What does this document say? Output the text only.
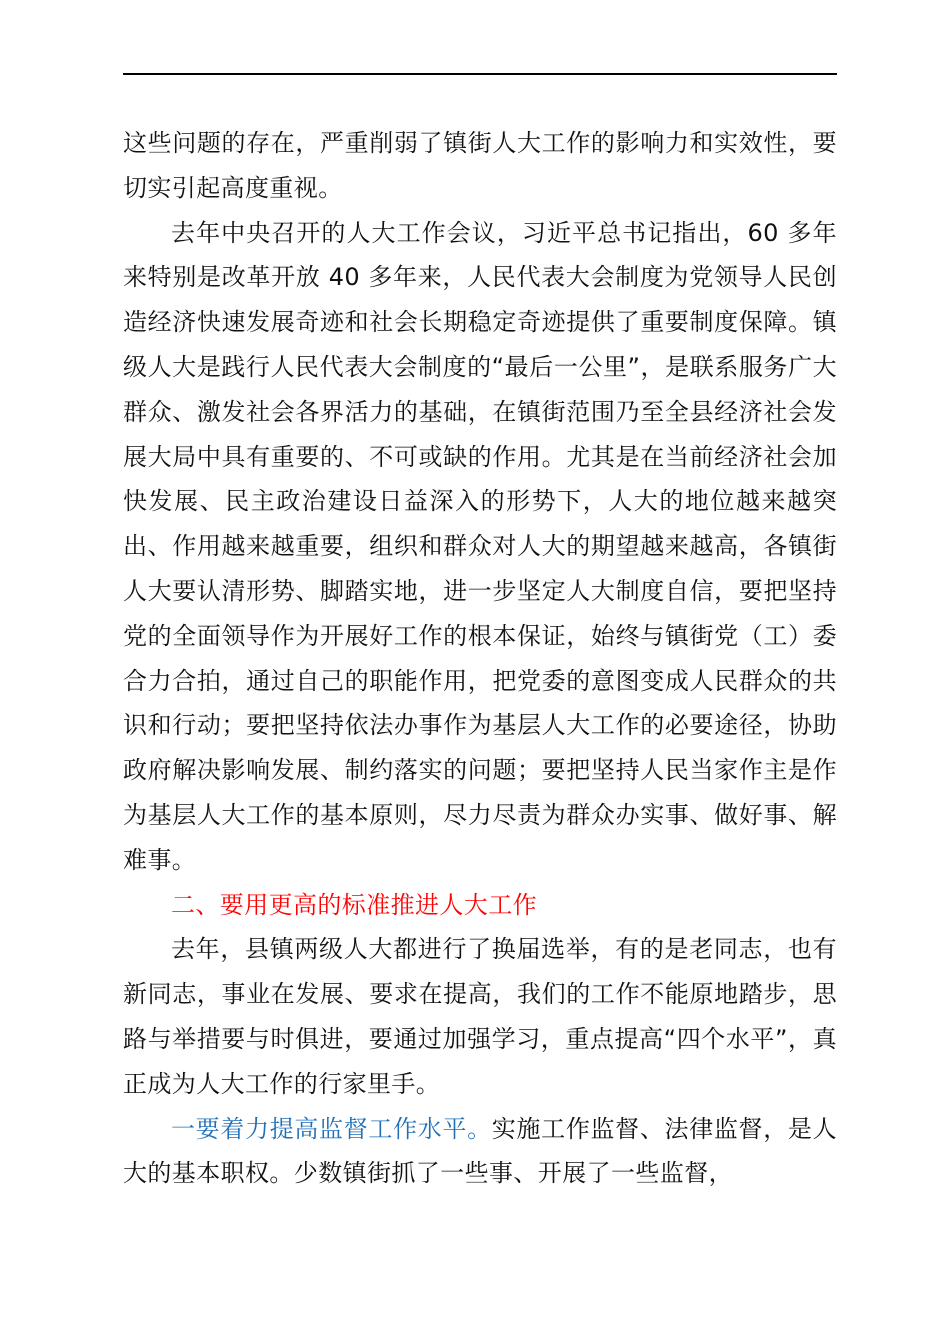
这些问题的存在，严重削弱了镇街人大工作的影响力和实效性，要切实引起高度重视。

去年中央召开的人大工作会议，习近平总书记指出，60 多年来特别是改革开放 40 多年来，人民代表大会制度为党领导人民创造经济快速发展奇迹和社会长期稳定奇迹提供了重要制度保障。镇级人大是践行人民代表大会制度的“最后一公里”，是联系服务广大群众、激发社会各界活力的基础，在镇街范围乃至全县经济社会发展大局中具有重要的、不可或缺的作用。尤其是在当前经济社会加快发展、民主政治建设日益深入的形势下，人大的地位越来越突出、作用越来越重要，组织和群众对人大的期望越来越高，各镇街人大要认清形势、脚踏实地，进一步坚定人大制度自信，要把坚持党的全面领导作为开展好工作的根本保证，始终与镇街党（工）委合力合拍，通过自己的职能作用，把党委的意图变成人民群众的共识和行动；要把坚持依法办事作为基层人大工作的必要途径，协助政府解决影响发展、制约落实的问题；要把坚持人民当家作主是作为基层人大工作的基本原则，尽力尽责为群众办实事、做好事、解难事。

二、要用更高的标准推进人大工作

去年，县镇两级人大都进行了换届选举，有的是老同志，也有新同志，事业在发展、要求在提高，我们的工作不能原地踏步，思路与举措要与时俱进，要通过加强学习，重点提高“四个水平”，真正成为人大工作的行家里手。

一要着力提高监督工作水平。实施工作监督、法律监督，是人大的基本职权。少数镇街抓了一些事、开展了一些监督，
